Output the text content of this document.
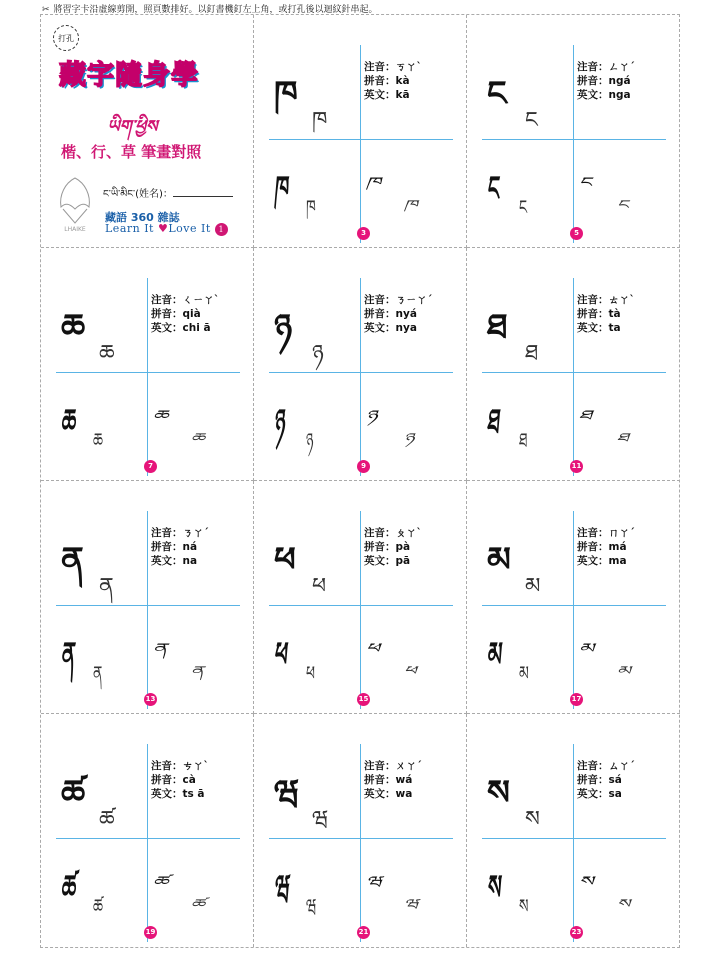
✂ 將習字卡沿虛線剪開，照頁數排好。以釘書機釘左上角，或打孔後以迴紋針串起。
打孔
藏字隨身學
ཡིག་ཕྱིས
楷、行、草 筆畫對照
LHAIKE
ང་ཡི་མིང་(姓名)：
藏語 360 雜誌
Learn It ♥Love It 1
ཁ
ཁ
ཁ ཁ
ཁ
ཁ
注音：ㄎㄚˋ
拼音：kà
英文：kā
3
ང
ང
ང ང
ང
ང
注音：ㄥㄚˊ
拼音：ngá
英文：nga
5
ཆ
ཆ
ཆ ཆ
ཆ
ཆ
注音：ㄑㄧㄚˋ
拼音：qià
英文：chi ā
7
ཉ
ཉ
ཉ ཉ
ཉ
ཉ
注音：ㄋㄧㄚˊ
拼音：nyá
英文：nya
9
ཐ
ཐ
ཐ ཐ
ཐ
ཐ
注音：ㄊㄚˋ
拼音：tà
英文：ta
11
ན
ན
ན ན
ན
ན
注音：ㄋㄚˊ
拼音：ná
英文：na
13
ཕ
ཕ
ཕ ཕ
ཕ
ཕ
注音：ㄆㄚˋ
拼音：pà
英文：pā
15
མ
མ
མ མ
མ
མ
注音：ㄇㄚˊ
拼音：má
英文：ma
17
ཚ
ཚ
ཚ ཚ
ཚ
ཚ
注音：ㄘㄚˋ
拼音：cà
英文：ts ā
19
ཝ
ཝ
ཝ ཝ
ཝ
ཝ
注音：ㄨㄚˊ
拼音：wá
英文：wa
21
ས
ས
ས ས
ས
ས
注音：ㄙㄚˊ
拼音：sá
英文：sa
23
